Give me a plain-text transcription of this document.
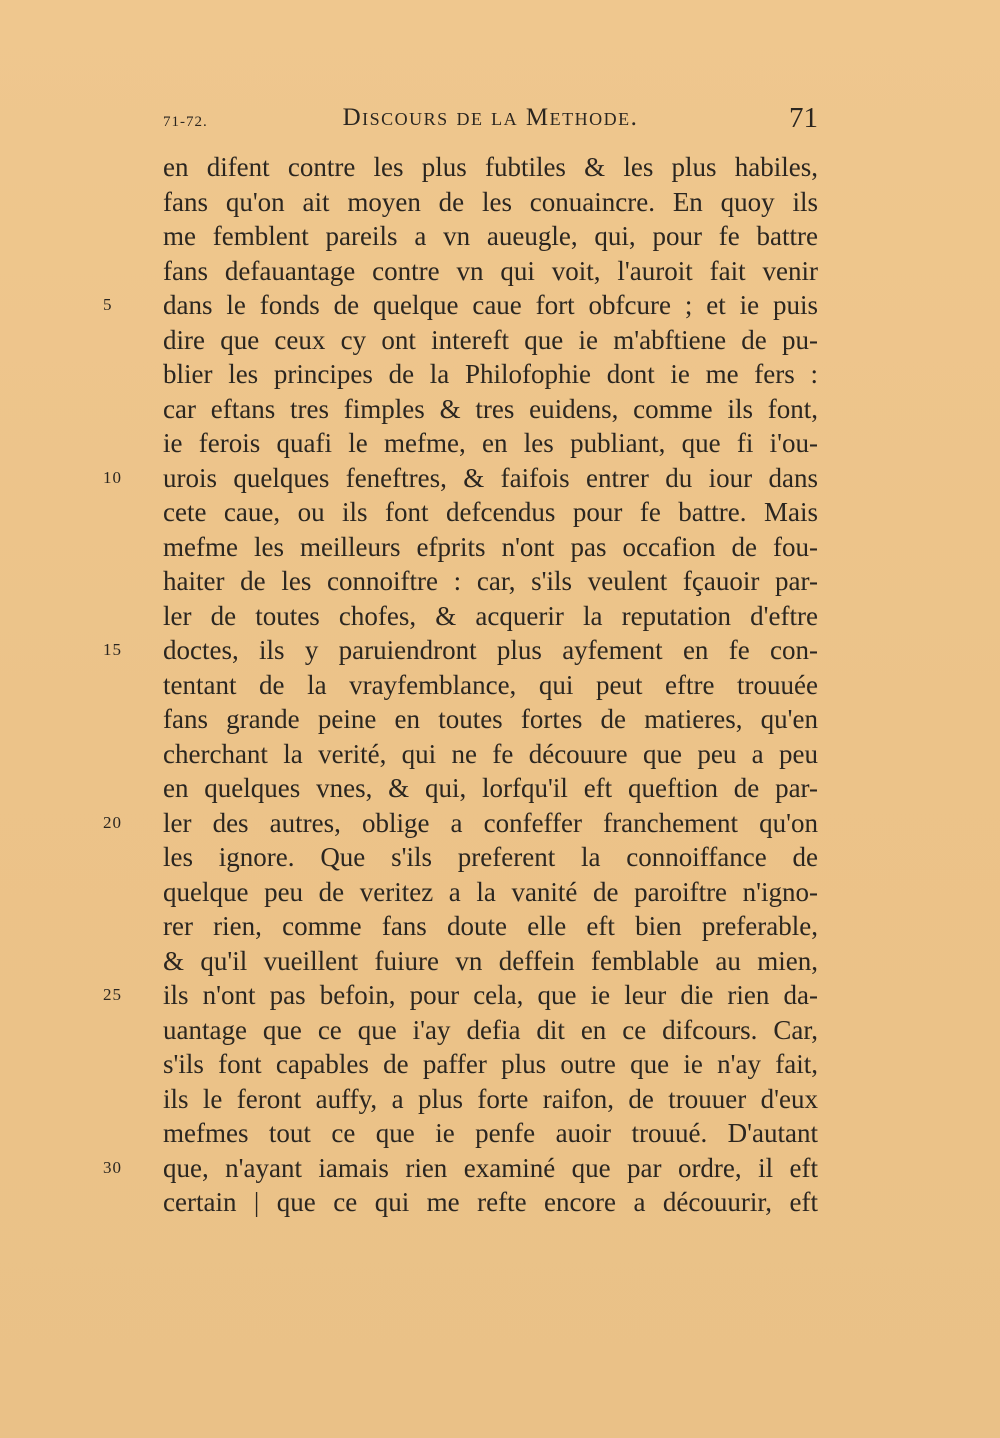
71-72.	Discours de la Methode.	71
en difent contre les plus fubtiles & les plus habiles,
fans qu'on ait moyen de les conuaincre. En quoy ils
me femblent pareils a vn aueugle, qui, pour fe battre
fans defauantage contre vn qui voit, l'auroit fait venir
5	dans le fonds de quelque caue fort obfcure ; et ie puis
dire que ceux cy ont intereft que ie m'abftiene de pu-
blier les principes de la Philofophie dont ie me fers :
car eftans tres fimples & tres euidens, comme ils font,
ie ferois quafi le mefme, en les publiant, que fi i'ou-
10	urois quelques feneftres, & faifois entrer du iour dans
cete caue, ou ils font defcendus pour fe battre. Mais
mefme les meilleurs efprits n'ont pas occafion de fou-
haiter de les connoiftre : car, s'ils veulent fçauoir par-
ler de toutes chofes, & acquerir la reputation d'eftre
15	doctes, ils y paruiendront plus ayfement en fe con-
tentant de la vrayfemblance, qui peut eftre trouuée
fans grande peine en toutes fortes de matieres, qu'en
cherchant la verité, qui ne fe découure que peu a peu
en quelques vnes, & qui, lorfqu'il eft queftion de par-
20	ler des autres, oblige a confeffer franchement qu'on
les ignore. Que s'ils preferent la connoiffance de
quelque peu de veritez a la vanité de paroiftre n'igno-
rer rien, comme fans doute elle eft bien preferable,
& qu'il vueillent fuiure vn deffein femblable au mien,
25	ils n'ont pas befoin, pour cela, que ie leur die rien da-
uantage que ce que i'ay defia dit en ce difcours. Car,
s'ils font capables de paffer plus outre que ie n'ay fait,
ils le feront auffy, a plus forte raifon, de trouuer d'eux
mefmes tout ce que ie penfe auoir trouué. D'autant
30	que, n'ayant iamais rien examiné que par ordre, il eft
certain | que ce qui me refte encore a découurir, eft
